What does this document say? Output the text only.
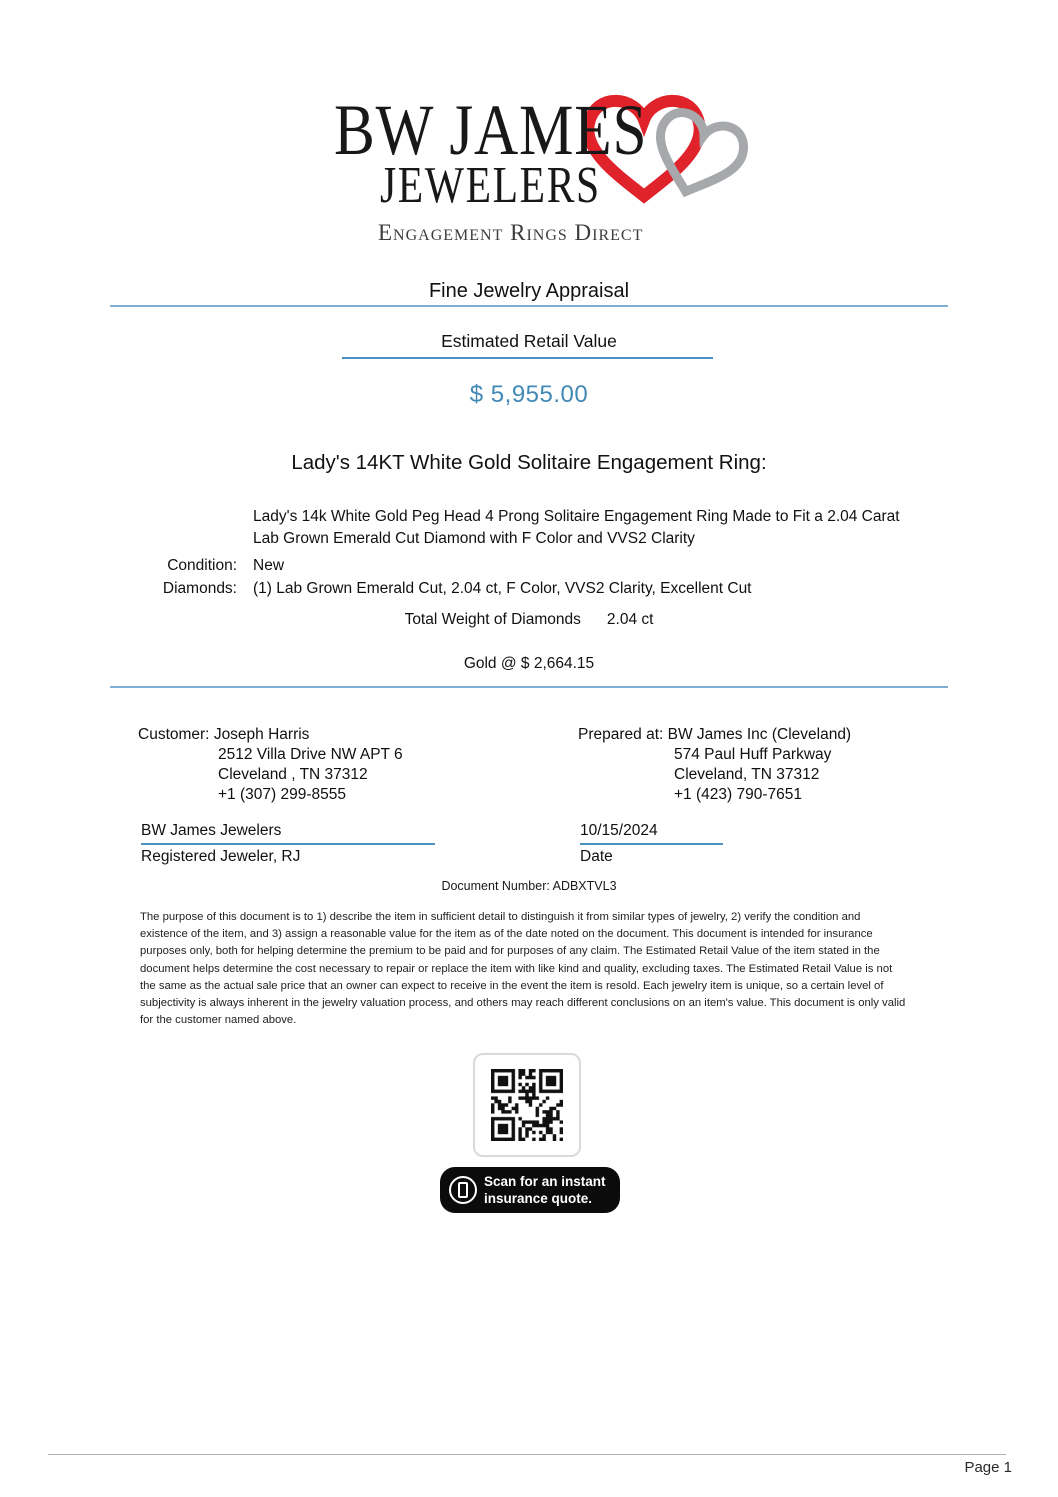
BW JAMES
JEWELERS
Engagement Rings Direct
Fine Jewelry Appraisal
Estimated Retail Value
$ 5,955.00
Lady's 14KT White Gold Solitaire Engagement Ring:
Lady's 14k White Gold Peg Head 4 Prong Solitaire Engagement Ring Made to Fit a 2.04 Carat
Lab Grown Emerald Cut Diamond with F Color and VVS2 Clarity
Condition: New
Diamonds: (1) Lab Grown Emerald Cut, 2.04 ct, F Color, VVS2 Clarity, Excellent Cut
Total Weight of Diamonds 2.04 ct
Gold @ $ 2,664.15
Customer: Joseph Harris
2512 Villa Drive NW APT 6
Cleveland , TN 37312
+1 (307) 299-8555
Prepared at: BW James Inc (Cleveland)
574 Paul Huff Parkway
Cleveland, TN 37312
+1 (423) 790-7651
BW James Jewelers
Registered Jeweler, RJ
10/15/2024
Date
Document Number: ADBXTVL3
The purpose of this document is to 1) describe the item in sufficient detail to distinguish it from similar types of jewelry, 2) verify the condition and existence of the item, and 3) assign a reasonable value for the item as of the date noted on the document. This document is intended for insurance purposes only, both for helping determine the premium to be paid and for purposes of any claim. The Estimated Retail Value of the item stated in the document helps determine the cost necessary to repair or replace the item with like kind and quality, excluding taxes. The Estimated Retail Value is not the same as the actual sale price that an owner can expect to receive in the event the item is resold. Each jewelry item is unique, so a certain level of subjectivity is always inherent in the jewelry valuation process, and others may reach different conclusions on an item's value. This document is only valid for the customer named above.
Scan for an instant
insurance quote.
Page 1
